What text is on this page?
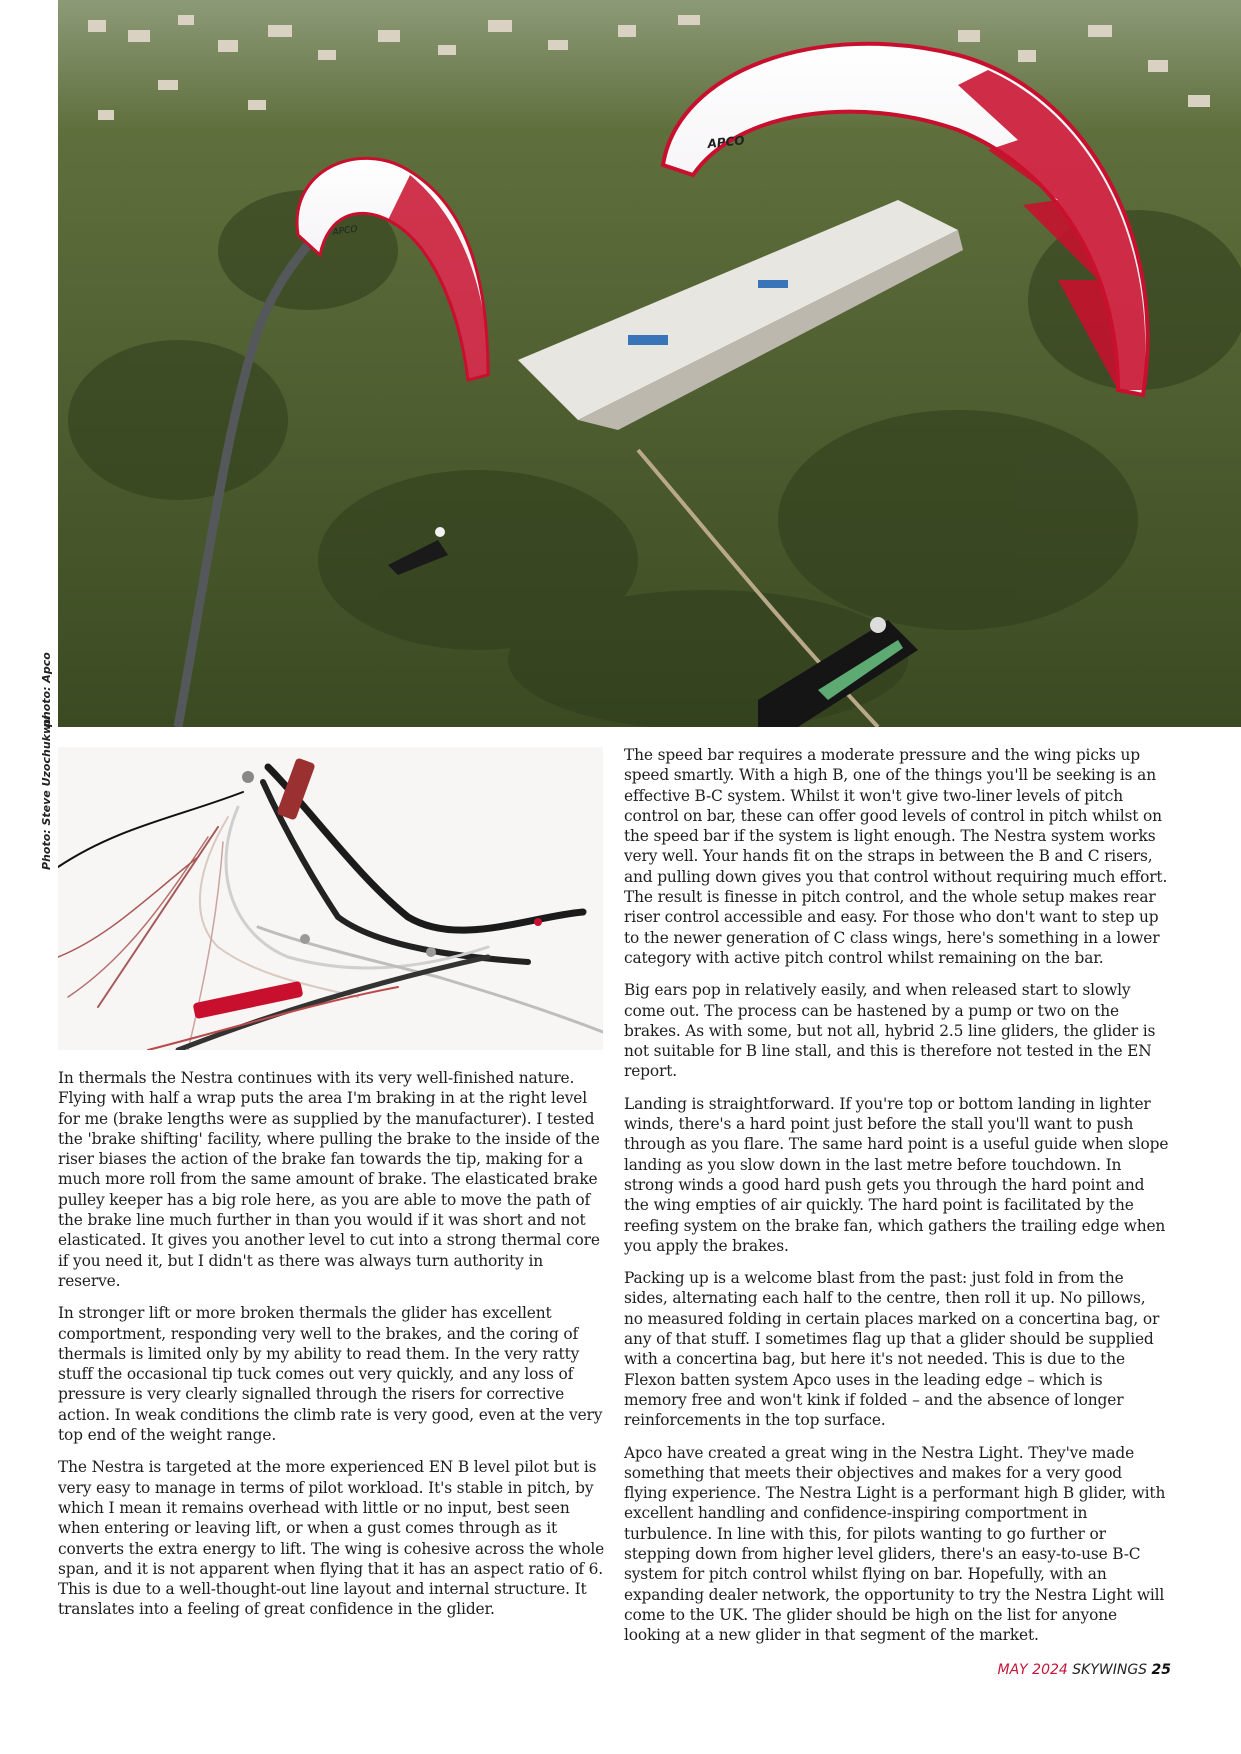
APCO
APCO
photo: Apco
Photo: Steve Uzochukwu

In thermals the Nestra continues with its very well-finished nature. Flying with half a wrap puts the area I'm braking in at the right level for me (brake lengths were as supplied by the manufacturer). I tested the 'brake shifting' facility, where pulling the brake to the inside of the riser biases the action of the brake fan towards the tip, making for a much more roll from the same amount of brake. The elasticated brake pulley keeper has a big role here, as you are able to move the path of the brake line much further in than you would if it was short and not elasticated. It gives you another level to cut into a strong thermal core if you need it, but I didn't as there was always turn authority in reserve.

In stronger lift or more broken thermals the glider has excellent comportment, responding very well to the brakes, and the coring of thermals is limited only by my ability to read them. In the very ratty stuff the occasional tip tuck comes out very quickly, and any loss of pressure is very clearly signalled through the risers for corrective action. In weak conditions the climb rate is very good, even at the very top end of the weight range.

The Nestra is targeted at the more experienced EN B level pilot but is very easy to manage in terms of pilot workload. It's stable in pitch, by which I mean it remains overhead with little or no input, best seen when entering or leaving lift, or when a gust comes through as it converts the extra energy to lift. The wing is cohesive across the whole span, and it is not apparent when flying that it has an aspect ratio of 6. This is due to a well-thought-out line layout and internal structure. It translates into a feeling of great confidence in the glider.

The speed bar requires a moderate pressure and the wing picks up speed smartly. With a high B, one of the things you'll be seeking is an effective B-C system. Whilst it won't give two-liner levels of pitch control on bar, these can offer good levels of control in pitch whilst on the speed bar if the system is light enough. The Nestra system works very well. Your hands fit on the straps in between the B and C risers, and pulling down gives you that control without requiring much effort. The result is finesse in pitch control, and the whole setup makes rear riser control accessible and easy. For those who don't want to step up to the newer generation of C class wings, here's something in a lower category with active pitch control whilst remaining on the bar.

Big ears pop in relatively easily, and when released start to slowly come out. The process can be hastened by a pump or two on the brakes. As with some, but not all, hybrid 2.5 line gliders, the glider is not suitable for B line stall, and this is therefore not tested in the EN report.

Landing is straightforward. If you're top or bottom landing in lighter winds, there's a hard point just before the stall you'll want to push through as you flare. The same hard point is a useful guide when slope landing as you slow down in the last metre before touchdown. In strong winds a good hard push gets you through the hard point and the wing empties of air quickly. The hard point is facilitated by the reefing system on the brake fan, which gathers the trailing edge when you apply the brakes.

Packing up is a welcome blast from the past: just fold in from the sides, alternating each half to the centre, then roll it up. No pillows, no measured folding in certain places marked on a concertina bag, or any of that stuff. I sometimes flag up that a glider should be supplied with a concertina bag, but here it's not needed. This is due to the Flexon batten system Apco uses in the leading edge – which is memory free and won't kink if folded – and the absence of longer reinforcements in the top surface.

Apco have created a great wing in the Nestra Light. They've made something that meets their objectives and makes for a very good flying experience. The Nestra Light is a performant high B glider, with excellent handling and confidence-inspiring comportment in turbulence. In line with this, for pilots wanting to go further or stepping down from higher level gliders, there's an easy-to-use B-C system for pitch control whilst flying on bar. Hopefully, with an expanding dealer network, the opportunity to try the Nestra Light will come to the UK. The glider should be high on the list for anyone looking at a new glider in that segment of the market.

MAY 2024 SKYWINGS 25
